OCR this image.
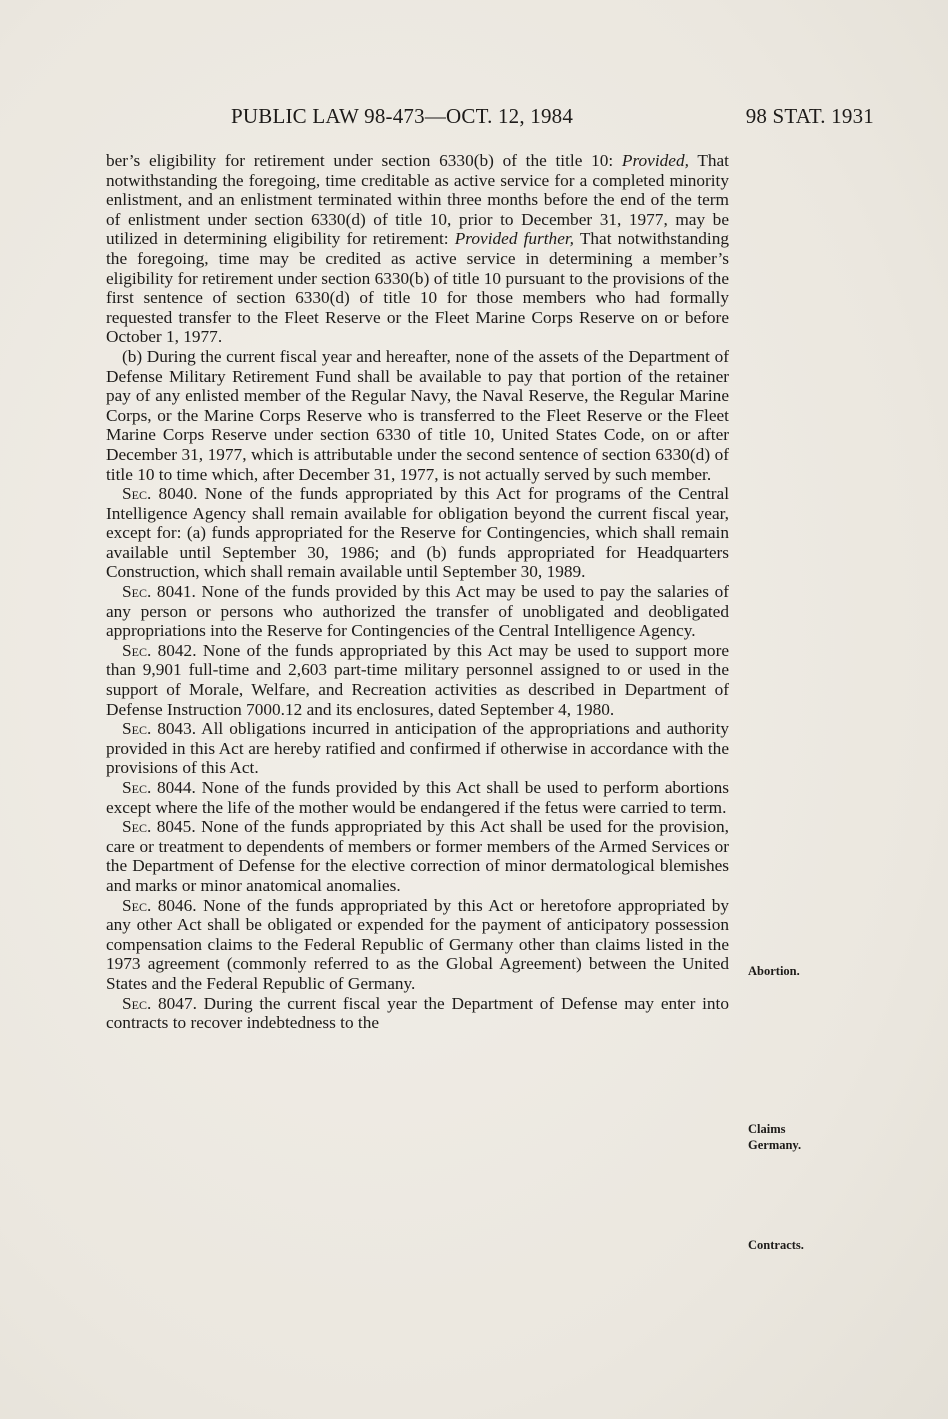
PUBLIC LAW 98-473—OCT. 12, 1984	98 STAT. 1931

ber’s eligibility for retirement under section 6330(b) of the title 10: Provided, That notwithstanding the foregoing, time creditable as active service for a completed minority enlistment, and an enlistment terminated within three months before the end of the term of enlistment under section 6330(d) of title 10, prior to December 31, 1977, may be utilized in determining eligibility for retirement: Provided further, That notwithstanding the foregoing, time may be credited as active service in determining a member’s eligibility for retirement under section 6330(b) of title 10 pursuant to the provisions of the first sentence of section 6330(d) of title 10 for those members who had formally requested transfer to the Fleet Reserve or the Fleet Marine Corps Reserve on or before October 1, 1977.

(b) During the current fiscal year and hereafter, none of the assets of the Department of Defense Military Retirement Fund shall be available to pay that portion of the retainer pay of any enlisted member of the Regular Navy, the Naval Reserve, the Regular Marine Corps, or the Marine Corps Reserve who is transferred to the Fleet Reserve or the Fleet Marine Corps Reserve under section 6330 of title 10, United States Code, on or after December 31, 1977, which is attributable under the second sentence of section 6330(d) of title 10 to time which, after December 31, 1977, is not actually served by such member.

Sec. 8040. None of the funds appropriated by this Act for programs of the Central Intelligence Agency shall remain available for obligation beyond the current fiscal year, except for: (a) funds appropriated for the Reserve for Contingencies, which shall remain available until September 30, 1986; and (b) funds appropriated for Headquarters Construction, which shall remain available until September 30, 1989.

Sec. 8041. None of the funds provided by this Act may be used to pay the salaries of any person or persons who authorized the transfer of unobligated and deobligated appropriations into the Reserve for Contingencies of the Central Intelligence Agency.

Sec. 8042. None of the funds appropriated by this Act may be used to support more than 9,901 full-time and 2,603 part-time military personnel assigned to or used in the support of Morale, Welfare, and Recreation activities as described in Department of Defense Instruction 7000.12 and its enclosures, dated September 4, 1980.

Sec. 8043. All obligations incurred in anticipation of the appropriations and authority provided in this Act are hereby ratified and confirmed if otherwise in accordance with the provisions of this Act.

Sec. 8044. None of the funds provided by this Act shall be used to perform abortions except where the life of the mother would be endangered if the fetus were carried to term.

Sec. 8045. None of the funds appropriated by this Act shall be used for the provision, care or treatment to dependents of members or former members of the Armed Services or the Department of Defense for the elective correction of minor dermatological blemishes and marks or minor anatomical anomalies.

Sec. 8046. None of the funds appropriated by this Act or heretofore appropriated by any other Act shall be obligated or expended for the payment of anticipatory possession compensation claims to the Federal Republic of Germany other than claims listed in the 1973 agreement (commonly referred to as the Global Agreement) between the United States and the Federal Republic of Germany.

Sec. 8047. During the current fiscal year the Department of Defense may enter into contracts to recover indebtedness to the

Abortion.
Claims
Germany.
Contracts.
